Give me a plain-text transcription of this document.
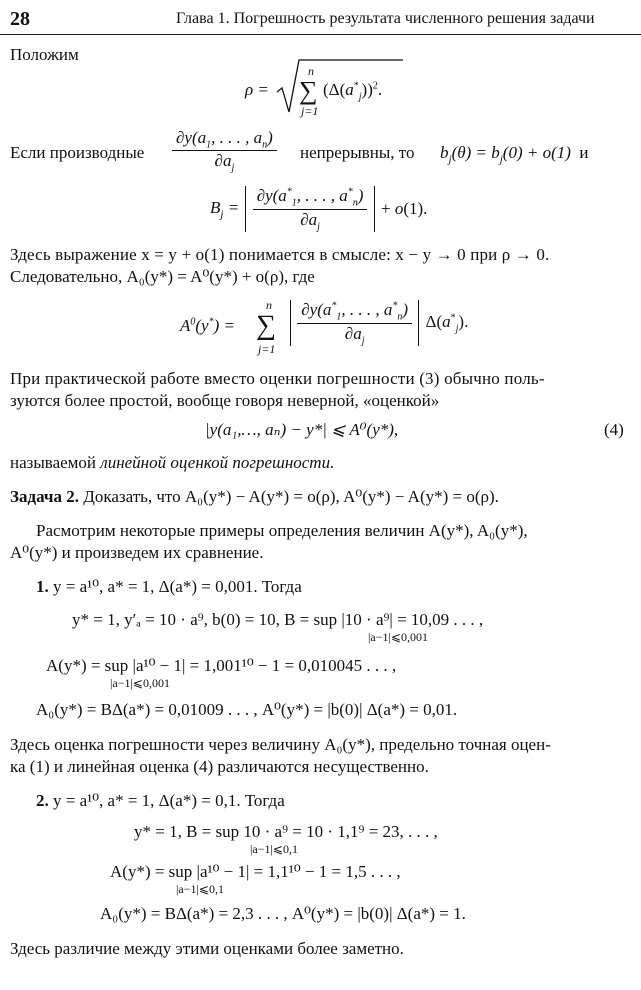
28	Глава 1. Погрешность результата численного решения задачи
Положим
ρ = ∑
n
j=1
$(\Delta(a^*_j))^2$.
Если производные	$\frac{\partial y(a_1, . . . , a_n)}{\partial a_j}$ непрерывны, то $b_j(\theta) = b_j(0) + o(1)$  и
$B_j = \frac{\partial y(a^*_1, . . . , a^*_n)}{\partial a_j} + o(1)$.
Здесь выражение x = y + o(1) понимается в смысле: x − y → 0 при ρ → 0.
Следовательно, A₀(y*) = A⁰(y*) + o(ρ), где
$A^0(y^*)$ = ∑
n
j=1

$\frac{\partial y(a^*_1, . . . , a^*_n)}{\partial a_j} \Delta(a^*_j)$.
При практической работе вместо оценки погрешности (3) обычно поль-
зуются более простой, вообще говоря неверной, «оценкой»
|y(a₁,…, aₙ) − y*| ⩽ A⁰(y*),	(4)
называемой линейной оценкой погрешности.
Задача 2. Доказать, что A₀(y*) − A(y*) = o(ρ), A⁰(y*) − A(y*) = o(ρ).
Расмотрим некоторые примеры определения величин A(y*), A₀(y*),
A⁰(y*) и произведем их сравнение.
1. y = a¹⁰, a* = 1, Δ(a*) = 0,001. Тогда
y* = 1, y′ₐ = 10 · a⁹, b(0) = 10, B = sup |10 · a⁹| = 10,09 . . . ,
|a−1|⩽0,001
A(y*) = sup |a¹⁰ − 1| = 1,001¹⁰ − 1 = 0,010045 . . . ,
|a−1|⩽0,001
A₀(y*) = BΔ(a*) = 0,01009 . . . , A⁰(y*) = |b(0)| Δ(a*) = 0,01.
Здесь оценка погрешности через величину A₀(y*), предельно точная оцен-
ка (1) и линейная оценка (4) различаются несущественно.
2. y = a¹⁰, a* = 1, Δ(a*) = 0,1. Тогда
y* = 1, B = sup 10 · a⁹ = 10 · 1,1⁹ = 23, . . . ,
|a−1|⩽0,1
A(y*) = sup |a¹⁰ − 1| = 1,1¹⁰ − 1 = 1,5 . . . ,
|a−1|⩽0,1
A₀(y*) = BΔ(a*) = 2,3 . . . , A⁰(y*) = |b(0)| Δ(a*) = 1.
Здесь различие между этими оценками более заметно.
